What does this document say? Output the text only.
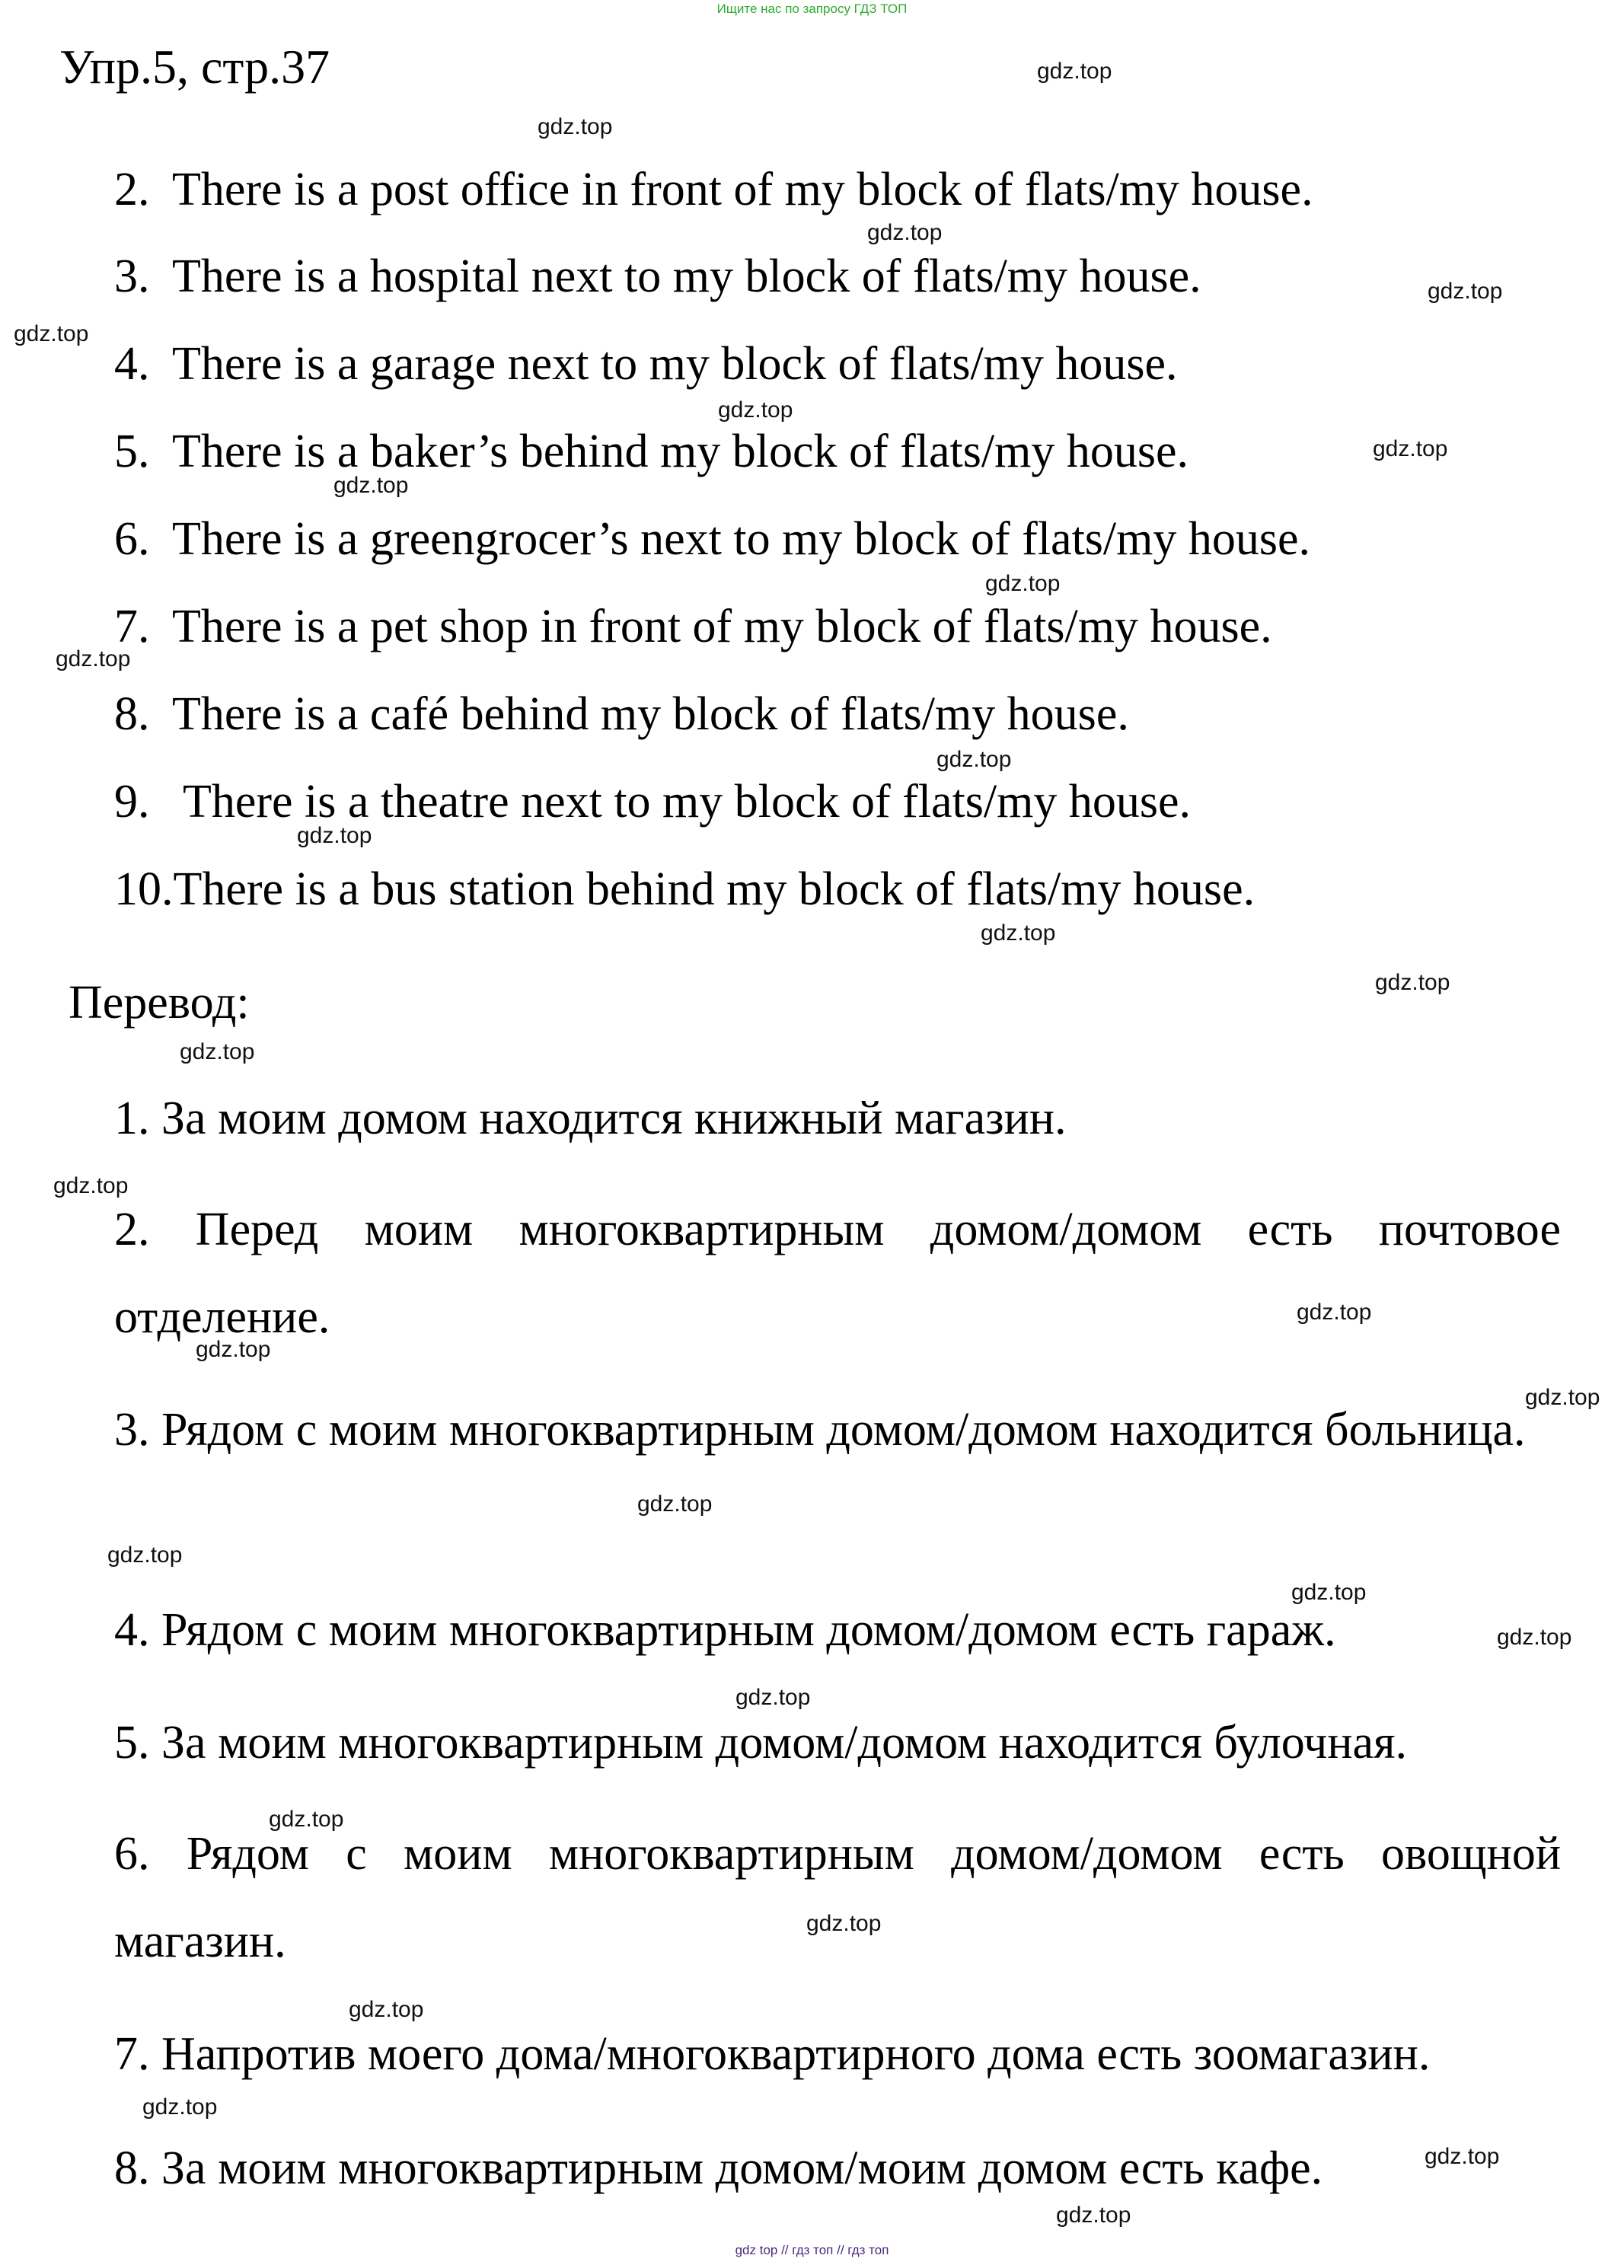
Ищите нас по запросу ГДЗ ТОП
Упр.5, стр.37
2. There is a post office in front of my block of flats/my house.
3. There is a hospital next to my block of flats/my house.
4. There is a garage next to my block of flats/my house.
5. There is a baker’s behind my block of flats/my house.
6. There is a greengrocer’s next to my block of flats/my house.
7. There is a pet shop in front of my block of flats/my house.
8. There is a café behind my block of flats/my house.
9. There is a theatre next to my block of flats/my house.
10.There is a bus station behind my block of flats/my house.
Перевод:
1. За моим домом находится книжный магазин.
2. Перед моим многоквартирным домом/домом есть почтовое отделение.
3. Рядом с моим многоквартирным домом/домом находится больница.
4. Рядом с моим многоквартирным домом/домом есть гараж.
5. За моим многоквартирным домом/домом находится булочная.
6. Рядом с моим многоквартирным домом/домом есть овощной магазин.
7. Напротив моего дома/многоквартирного дома есть зоомагазин.
8. За моим многоквартирным домом/моим домом есть кафе.
gdz.top
gdz.top
gdz.top
gdz.top
gdz.top
gdz.top
gdz.top
gdz.top
gdz.top
gdz.top
gdz.top
gdz.top
gdz.top
gdz.top
gdz.top
gdz.top
gdz.top
gdz.top
gdz.top
gdz.top
gdz.top
gdz.top
gdz.top
gdz.top
gdz.top
gdz.top
gdz.top
gdz.top
gdz.top
gdz.top
gdz top // гдз топ // гдз топ
